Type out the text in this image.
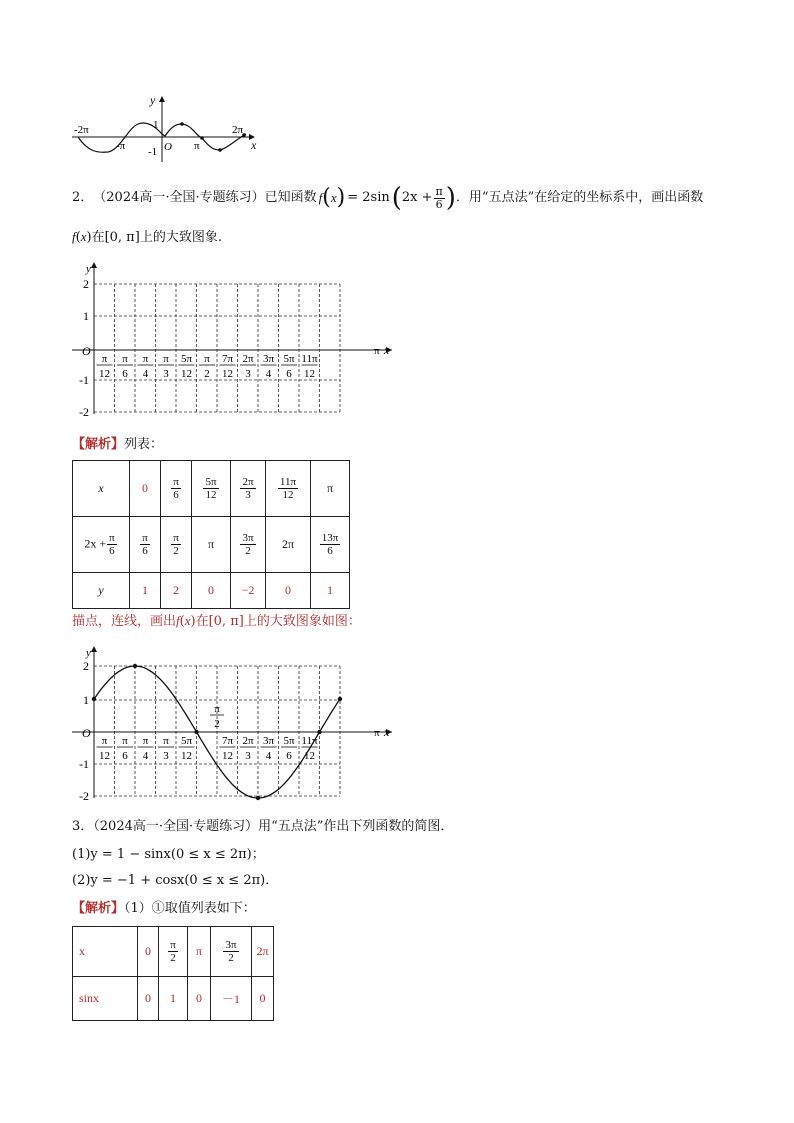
y
x
-2π
-π
2π
π
1
-1 O
2． （2024高一·全国·专题练习）已知函数 f ( x ) = 2sin ( $2x + \frac{\pi}{6}$ ) ．用“五点法”在给定的坐标系中，画出函数
f(x)在[0, π]上的大致图象.
2
1
-1
-2
O
y
x
π
π
12
π
6
π
4
π
3
5π
12
π
2
7π
12
2π
3
3π
4
5π
6
11π
12
【解析】列表：
x	0	$\frac{\pi}{6}$	$\frac{5\pi}{12}$	$\frac{2\pi}{3}$	$\frac{11\pi}{12}$	π
$2x + \frac{\pi}{6}$	$\frac{\pi}{6}$	$\frac{\pi}{2}$	π	$\frac{3\pi}{2}$	2π	$\frac{13\pi}{6}$

y	1	2	0	−2	0	1
描点，连线，画出f(x)在[0, π]上的大致图象如图：
2
1
-1
-2
O
y
x
π
π
12
π
6
π
4
π
3
5π
12
7π
12
2π
3
3π
4
5π
6
11π
12
π
2
3．（2024高一·全国·专题练习）用“五点法”作出下列函数的简图．
(1)y = 1 − sinx(0 ≤ x ≤ 2π)；
(2)y = −1 + cosx(0 ≤ x ≤ 2π)．
【解析】（1）①取值列表如下：
x	0	$\frac{\pi}{2}$	π	$\frac{3\pi}{2}$	2π
sinx	0	1	0	－1	0
